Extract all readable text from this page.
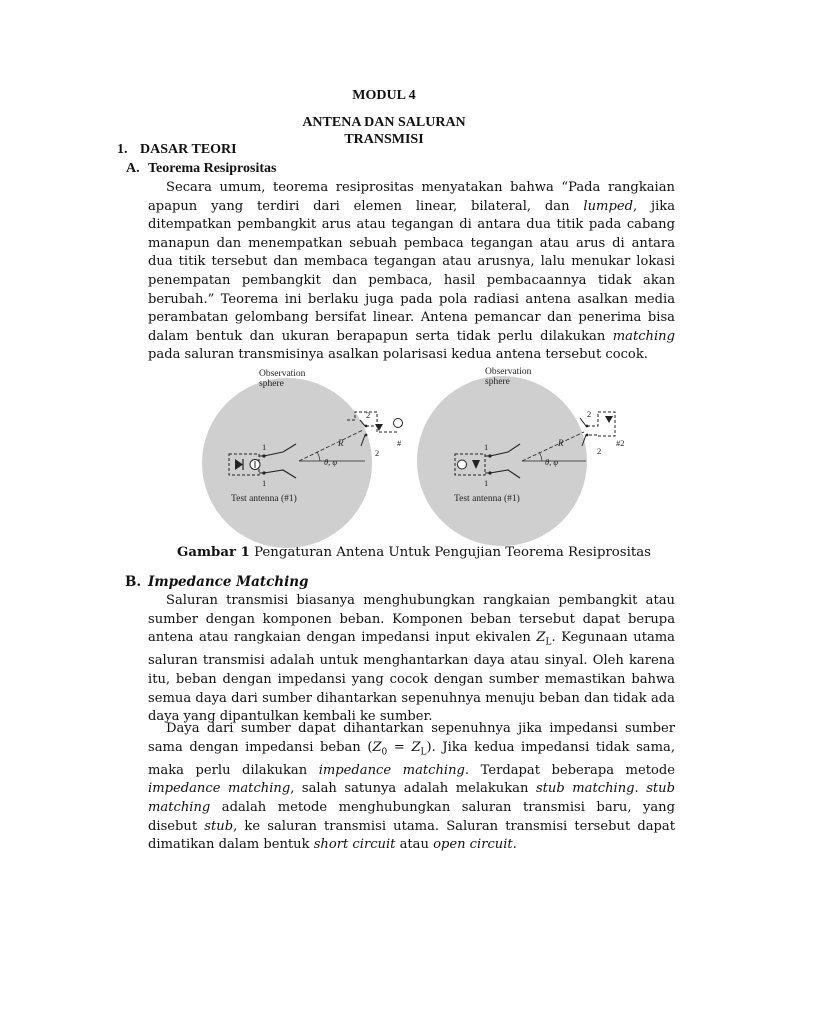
MODUL 4
ANTENA DAN SALURAN
TRANSMISI
1. DASAR TEORI
A. Teorema Resiprositas
Secara umum, teorema resiprositas menyatakan bahwa “Pada rangkaian apapun yang terdiri dari elemen linear, bilateral, dan lumped, jika ditempatkan pembangkit arus atau tegangan di antara dua titik pada cabang manapun dan menempatkan sebuah pembaca tegangan atau arus di antara dua titik tersebut dan membaca tegangan atau arusnya, lalu menukar lokasi penempatan pembangkit dan pembaca, hasil pembacaannya tidak akan berubah.” Teorema ini berlaku juga pada pola radiasi antena asalkan media perambatan gelombang bersifat linear. Antena pemancar dan penerima bisa dalam bentuk dan ukuran berapapun serta tidak perlu dilakukan matching pada saluran transmisinya asalkan polarisasi kedua antena tersebut cocok.
Observation
sphere
1
1
R
θ, φ
2
2
#
Test antenna (#1)
Observation
sphere
1
1
R
θ, φ
2
2
#2
Test antenna (#1)
Gambar 1 Pengaturan Antena Untuk Pengujian Teorema Resiprositas
B. Impedance Matching
Saluran transmisi biasanya menghubungkan rangkaian pembangkit atau sumber dengan komponen beban. Komponen beban tersebut dapat berupa antena atau rangkaian dengan impedansi input ekivalen $Z_L$. Kegunaan utama saluran transmisi adalah untuk menghantarkan daya atau sinyal. Oleh karena itu, beban dengan impedansi yang cocok dengan sumber memastikan bahwa semua daya dari sumber dihantarkan sepenuhnya menuju beban dan tidak ada daya yang dipantulkan kembali ke sumber.
Daya dari sumber dapat dihantarkan sepenuhnya jika impedansi sumber sama dengan impedansi beban $(Z_0 = Z_L)$. Jika kedua impedansi tidak sama, maka perlu dilakukan impedance matching. Terdapat beberapa metode impedance matching, salah satunya adalah melakukan stub matching. stub matching adalah metode menghubungkan saluran transmisi baru, yang disebut stub, ke saluran transmisi utama. Saluran transmisi tersebut dapat dimatikan dalam bentuk short circuit atau open circuit.
